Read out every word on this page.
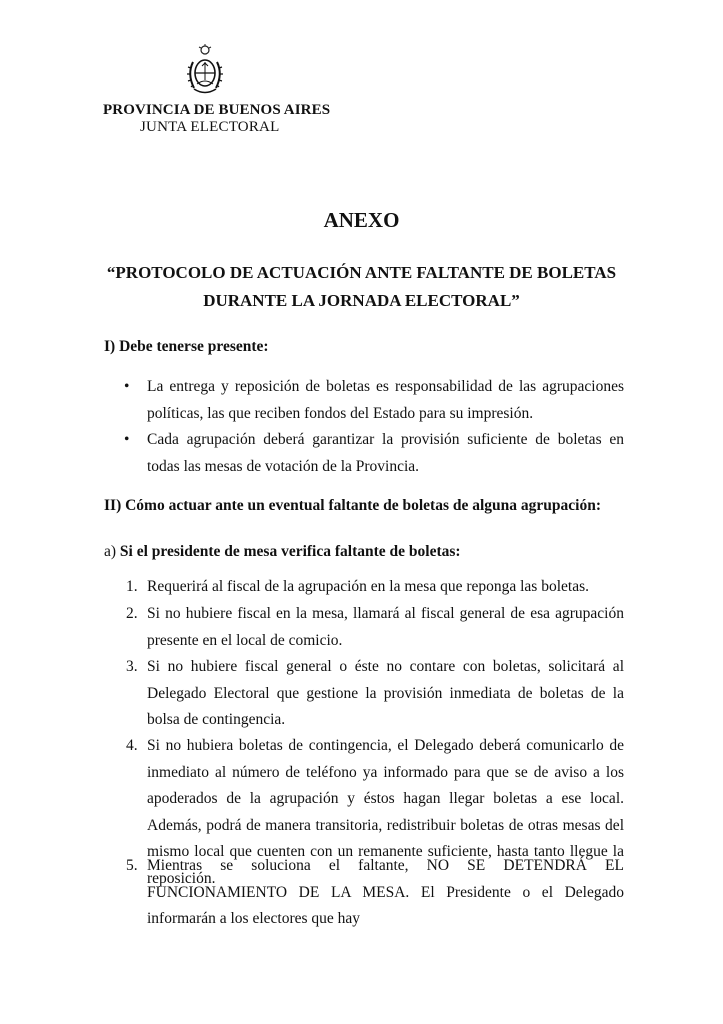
PROVINCIA DE BUENOS AIRES
JUNTA ELECTORAL
ANEXO
“PROTOCOLO DE ACTUACIÓN ANTE FALTANTE DE BOLETAS
DURANTE LA JORNADA ELECTORAL”
I) Debe tenerse presente:
• La entrega y reposición de boletas es responsabilidad de las agrupaciones políticas, las que reciben fondos del Estado para su impresión.
• Cada agrupación deberá garantizar la provisión suficiente de boletas en todas las mesas de votación de la Provincia.
II) Cómo actuar ante un eventual faltante de boletas de alguna agrupación:
a) Si el presidente de mesa verifica faltante de boletas:
1. Requerirá al fiscal de la agrupación en la mesa que reponga las boletas.
2. Si no hubiere fiscal en la mesa, llamará al fiscal general de esa agrupación presente en el local de comicio.
3. Si no hubiere fiscal general o éste no contare con boletas, solicitará al Delegado Electoral que gestione la provisión inmediata de boletas de la bolsa de contingencia.
4. Si no hubiera boletas de contingencia, el Delegado deberá comunicarlo de inmediato al número de teléfono ya informado para que se de aviso a los apoderados de la agrupación y éstos hagan llegar boletas a ese local. Además, podrá de manera transitoria, redistribuir boletas de otras mesas del mismo local que cuenten con un remanente suficiente, hasta tanto llegue la reposición.
5. Mientras se soluciona el faltante, NO SE DETENDRÁ EL FUNCIONAMIENTO DE LA MESA. El Presidente o el Delegado informarán a los electores que hay
